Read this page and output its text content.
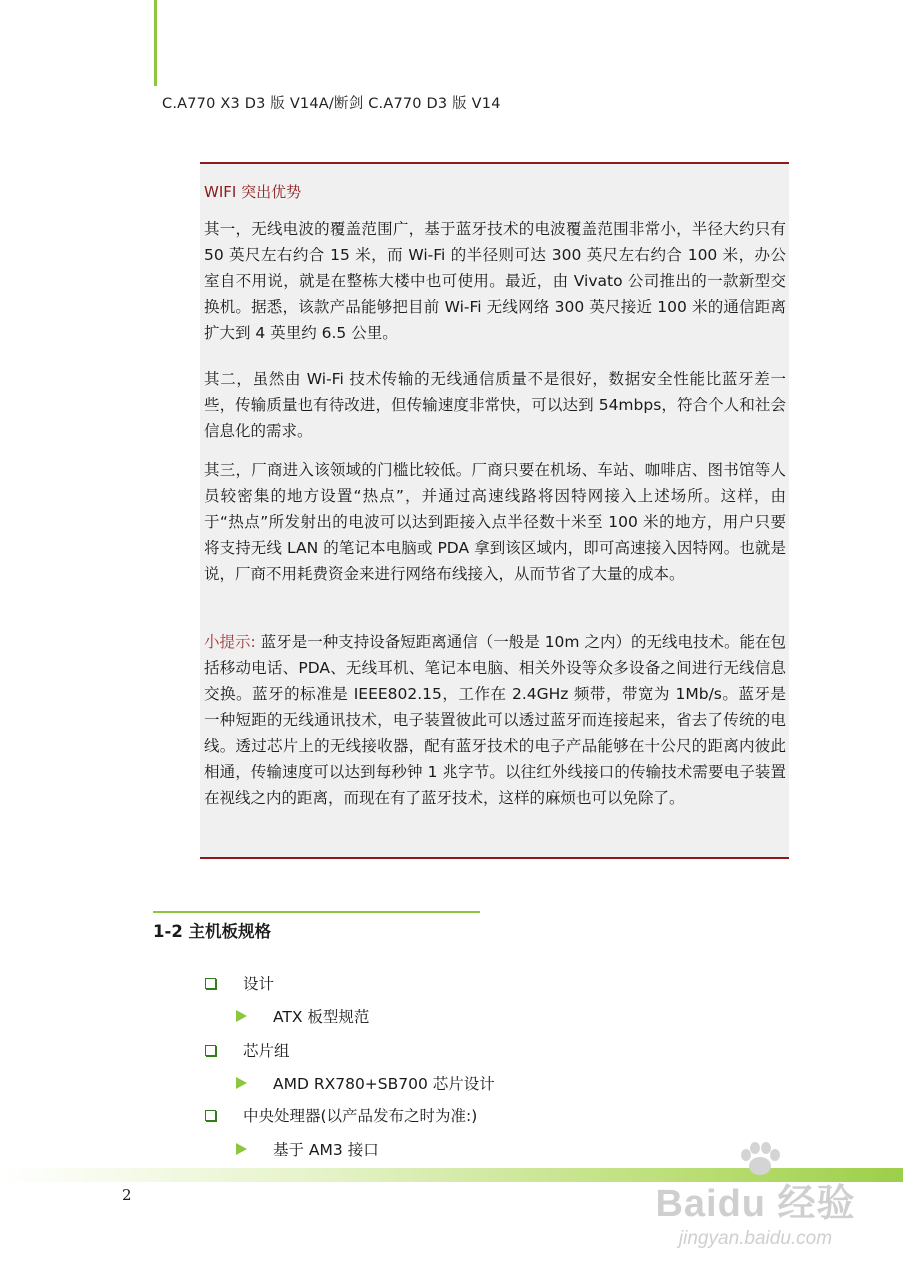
C.A770 X3 D3 版 V14A/断剑 C.A770 D3 版 V14
WIFI 突出优势
其一，无线电波的覆盖范围广，基于蓝牙技术的电波覆盖范围非常小，半径大约只有 50 英尺左右约合 15 米，而 Wi-Fi 的半径则可达 300 英尺左右约合 100 米，办公室自不用说，就是在整栋大楼中也可使用。最近，由 Vivato 公司推出的一款新型交换机。据悉，该款产品能够把目前 Wi-Fi 无线网络 300 英尺接近 100 米的通信距离扩大到 4 英里约 6.5 公里。
其二，虽然由 Wi-Fi 技术传输的无线通信质量不是很好，数据安全性能比蓝牙差一些，传输质量也有待改进，但传输速度非常快，可以达到 54mbps，符合个人和社会信息化的需求。
其三，厂商进入该领域的门槛比较低。厂商只要在机场、车站、咖啡店、图书馆等人员较密集的地方设置“热点”，并通过高速线路将因特网接入上述场所。这样，由于“热点”所发射出的电波可以达到距接入点半径数十米至 100 米的地方，用户只要将支持无线 LAN 的笔记本电脑或 PDA 拿到该区域内，即可高速接入因特网。也就是说，厂商不用耗费资金来进行网络布线接入，从而节省了大量的成本。
小提示: 蓝牙是一种支持设备短距离通信（一般是 10m 之内）的无线电技术。能在包括移动电话、PDA、无线耳机、笔记本电脑、相关外设等众多设备之间进行无线信息交换。蓝牙的标准是 IEEE802.15，工作在 2.4GHz 频带，带宽为 1Mb/s。蓝牙是一种短距的无线通讯技术，电子装置彼此可以透过蓝牙而连接起来，省去了传统的电线。透过芯片上的无线接收器，配有蓝牙技术的电子产品能够在十公尺的距离内彼此相通，传输速度可以达到每秒钟 1 兆字节。以往红外线接口的传输技术需要电子装置在视线之内的距离，而现在有了蓝牙技术，这样的麻烦也可以免除了。
1-2 主机板规格
设计
ATX 板型规范
芯片组
AMD RX780+SB700 芯片设计
中央处理器(以产品发布之时为准:)
基于 AM3 接口
2	Baidu 经验
jingyan.baidu.com
